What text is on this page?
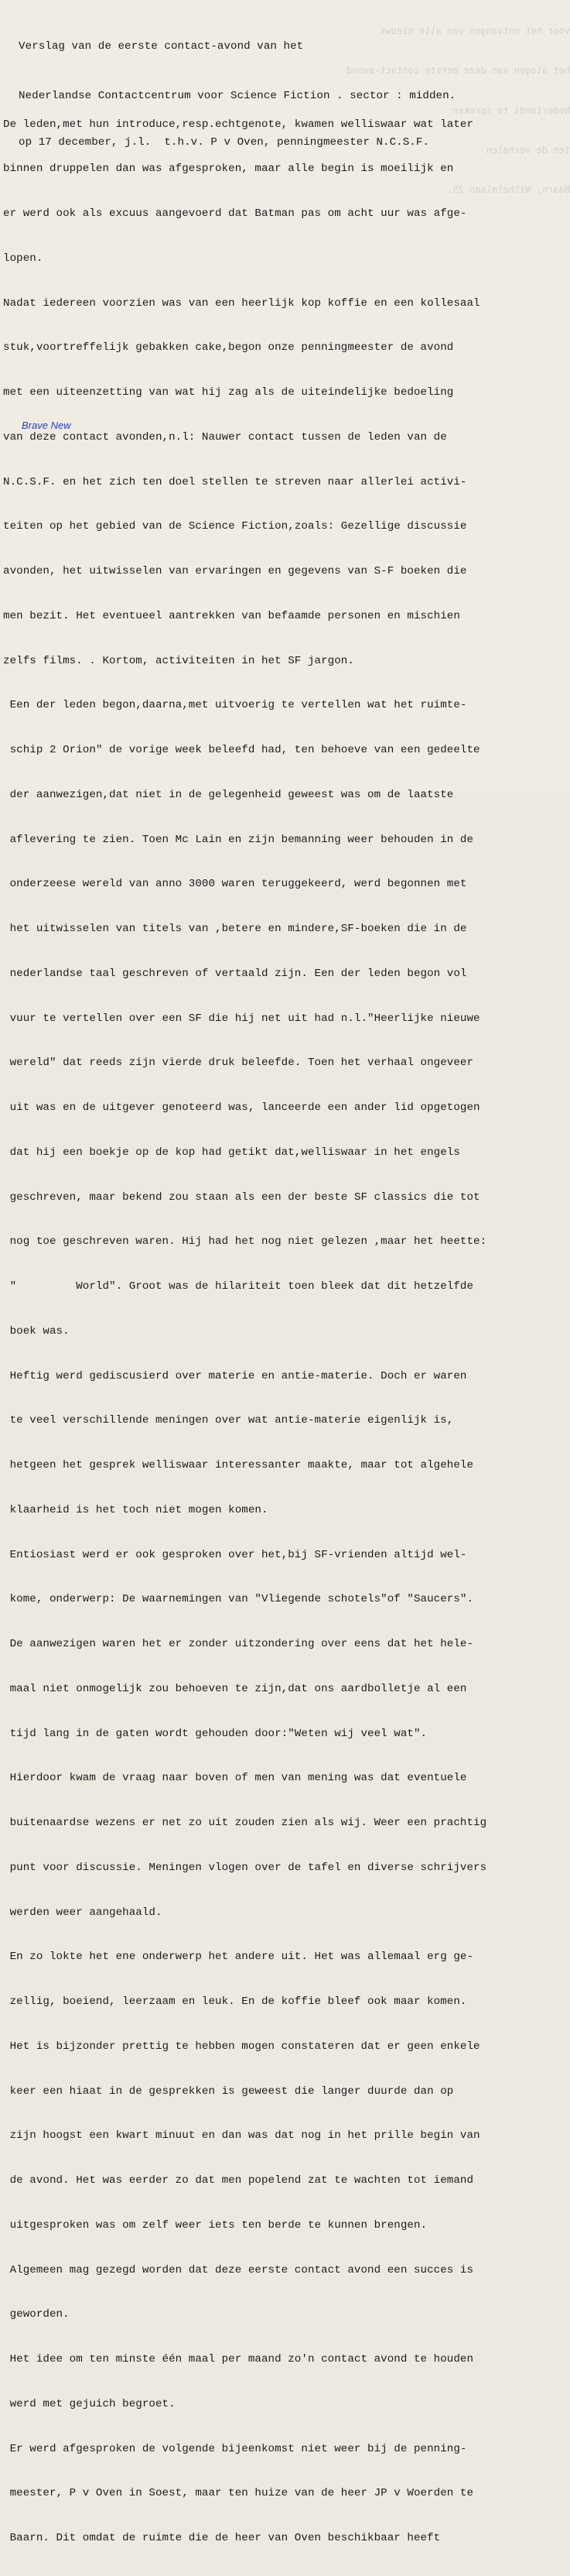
voor het ontvangen van alle nieuws

het alagen van deze eerste contact-avond

Nederlands te spreken

ten de verhalen

Baarn, Wilhelmlaan 25.

Verslag van de eerste contact-avond van het

Nederlandse Contactcentrum voor Science Fiction . sector : midden.

op 17 december, j.l.  t.h.v. P v Oven, penningmeester N.C.S.F.

De leden,met hun introduce,resp.echtgenote, kwamen welliswaar wat later

binnen druppelen dan was afgesproken, maar alle begin is moeilijk en

er werd ook als excuus aangevoerd dat Batman pas om acht uur was afge-

lopen.

Nadat iedereen voorzien was van een heerlijk kop koffie en een kollesaal

stuk,voortreffelijk gebakken cake,begon onze penningmeester de avond

met een uiteenzetting van wat hij zag als de uiteindelijke bedoeling

van deze contact avonden,n.l: Nauwer contact tussen de leden van de

N.C.S.F. en het zich ten doel stellen te streven naar allerlei activi-

teiten op het gebied van de Science Fiction,zoals: Gezellige discussie

avonden, het uitwisselen van ervaringen en gegevens van S-F boeken die

men bezit. Het eventueel aantrekken van befaamde personen en mischien

zelfs films. . Kortom, activiteiten in het SF jargon.

Een der leden begon,daarna,met uitvoerig te vertellen wat het ruimte-

schip 2 Orion" de vorige week beleefd had, ten behoeve van een gedeelte

der aanwezigen,dat niet in de gelegenheid geweest was om de laatste

aflevering te zien. Toen Mc Lain en zijn bemanning weer behouden in de

onderzeese wereld van anno 3000 waren teruggekeerd, werd begonnen met

het uitwisselen van titels van ,betere en mindere,SF-boeken die in de

nederlandse taal geschreven of vertaald zijn. Een der leden begon vol

vuur te vertellen over een SF die hij net uit had n.l."Heerlijke nieuwe

wereld" dat reeds zijn vierde druk beleefde. Toen het verhaal ongeveer

uit was en de uitgever genoteerd was, lanceerde een ander lid opgetogen

dat hij een boekje op de kop had getikt dat,welliswaar in het engels

geschreven, maar bekend zou staan als een der beste SF classics die tot

nog toe geschreven waren. Hij had het nog niet gelezen ,maar het heette:

"         World". Groot was de hilariteit toen bleek dat dit hetzelfde

boek was.

Heftig werd gediscusierd over materie en antie-materie. Doch er waren

te veel verschillende meningen over wat antie-materie eigenlijk is,

hetgeen het gesprek welliswaar interessanter maakte, maar tot algehele

klaarheid is het toch niet mogen komen.

Entiosiast werd er ook gesproken over het,bij SF-vrienden altijd wel-

kome, onderwerp: De waarnemingen van "Vliegende schotels"of "Saucers".

De aanwezigen waren het er zonder uitzondering over eens dat het hele-

maal niet onmogelijk zou behoeven te zijn,dat ons aardbolletje al een

tijd lang in de gaten wordt gehouden door:"Weten wij veel wat".

Hierdoor kwam de vraag naar boven of men van mening was dat eventuele

buitenaardse wezens er net zo uit zouden zien als wij. Weer een prachtig

punt voor discussie. Meningen vlogen over de tafel en diverse schrijvers

werden weer aangehaald.

En zo lokte het ene onderwerp het andere uit. Het was allemaal erg ge-

zellig, boeiend, leerzaam en leuk. En de koffie bleef ook maar komen.

Het is bijzonder prettig te hebben mogen constateren dat er geen enkele

keer een hiaat in de gesprekken is geweest die langer duurde dan op

zijn hoogst een kwart minuut en dan was dat nog in het prille begin van

de avond. Het was eerder zo dat men popelend zat te wachten tot iemand

uitgesproken was om zelf weer iets ten berde te kunnen brengen.

Algemeen mag gezegd worden dat deze eerste contact avond een succes is

geworden.

Het idee om ten minste één maal per maand zo'n contact avond te houden

werd met gejuich begroet.

Er werd afgesproken de volgende bijeenkomst niet weer bij de penning-

meester, P v Oven in Soest, maar ten huize van de heer JP v Woerden te

Baarn. Dit omdat de ruimte die de heer van Oven beschikbaar heeft

Brave New
